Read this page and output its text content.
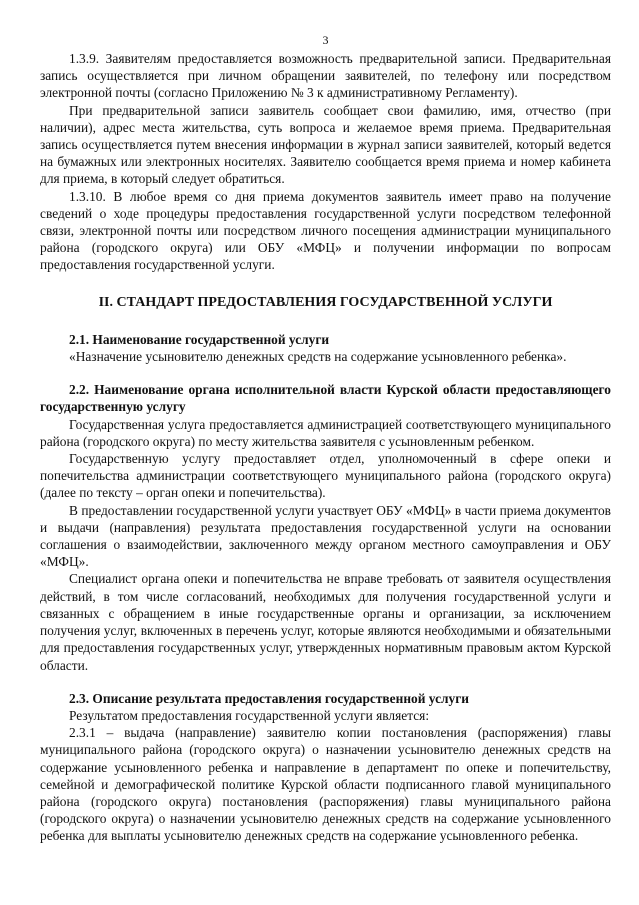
3

1.3.9. Заявителям предоставляется возможность предварительной записи. Предварительная запись осуществляется при личном обращении заявителей, по телефону или посредством электронной почты (согласно Приложению № 3 к административному Регламенту).

При предварительной записи заявитель сообщает свои фамилию, имя, отчество (при наличии), адрес места жительства, суть вопроса и желаемое время приема. Предварительная запись осуществляется путем внесения информации в журнал записи заявителей, который ведется на бумажных или электронных носителях. Заявителю сообщается время приема и номер кабинета для приема, в который следует обратиться.

1.3.10. В любое время со дня приема документов заявитель имеет право на получение сведений о ходе процедуры предоставления государственной услуги посредством телефонной связи, электронной почты или посредством личного посещения администрации муниципального района (городского округа) или ОБУ «МФЦ» и получении информации по вопросам предоставления государственной услуги.

II. СТАНДАРТ ПРЕДОСТАВЛЕНИЯ ГОСУДАРСТВЕННОЙ УСЛУГИ

2.1. Наименование государственной услуги

«Назначение усыновителю денежных средств на содержание усыновленного ребенка».

2.2. Наименование органа исполнительной власти Курской области предоставляющего государственную услугу

Государственная услуга предоставляется администрацией соответствующего муниципального района (городского округа) по месту жительства заявителя с усыновленным ребенком.

Государственную услугу предоставляет отдел, уполномоченный в сфере опеки и попечительства администрации соответствующего муниципального района (городского округа) (далее по тексту – орган опеки и попечительства).

В предоставлении государственной услуги участвует ОБУ «МФЦ» в части приема документов и выдачи (направления) результата предоставления государственной услуги на основании соглашения о взаимодействии, заключенного между органом местного самоуправления и ОБУ «МФЦ».

Специалист органа опеки и попечительства не вправе требовать от заявителя осуществления действий, в том числе согласований, необходимых для получения государственной услуги и связанных с обращением в иные государственные органы и организации, за исключением получения услуг, включенных в перечень услуг, которые являются необходимыми и обязательными для предоставления государственных услуг, утвержденных нормативным правовым актом Курской области.

2.3. Описание результата предоставления государственной услуги

Результатом предоставления государственной услуги является:

2.3.1 – выдача (направление) заявителю копии постановления (распоряжения) главы муниципального района (городского округа) о назначении усыновителю денежных средств на содержание усыновленного ребенка и направление в департамент по опеке и попечительству, семейной и демографической политике Курской области подписанного главой муниципального района (городского округа) постановления (распоряжения) главы муниципального района (городского округа) о назначении усыновителю денежных средств на содержание усыновленного ребенка для выплаты усыновителю денежных средств на содержание усыновленного ребенка.
